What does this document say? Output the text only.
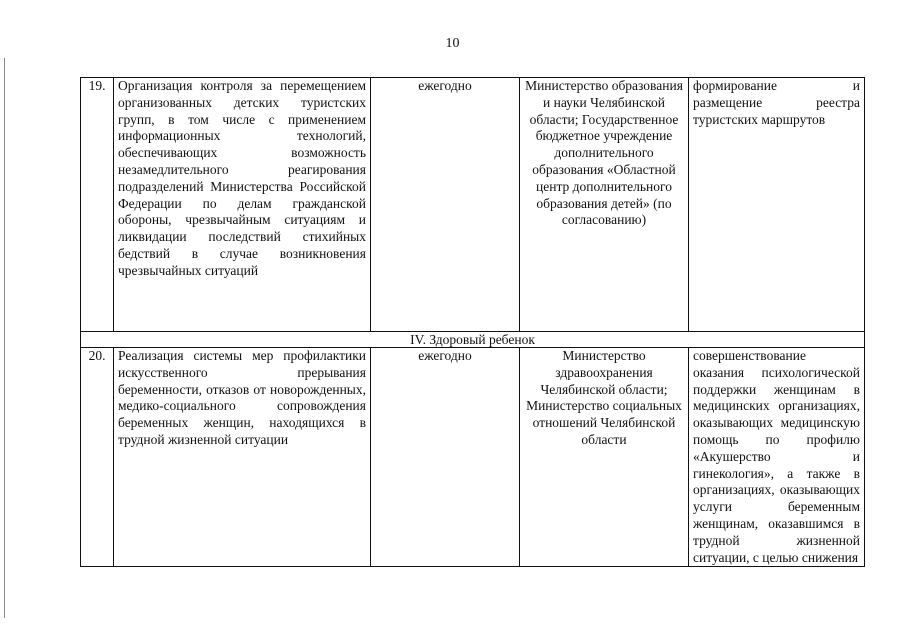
10
19.	Организация контроля за перемещением организованных детских туристских групп, в том числе с применением информационных технологий, обеспечивающих возможность незамедлительного реагирования подразделений Министерства Российской Федерации по делам гражданской обороны, чрезвычайным ситуациям и ликвидации последствий стихийных бедствий в случае возникновения чрезвычайных ситуаций	ежегодно	Министерство образования и науки Челябинской области; Государственное бюджетное учреждение дополнительного образования «Областной центр дополнительного образования детей» (по согласованию)	формирование и размещение реестра туристских маршрутов
IV. Здоровый ребенок				

20.	Реализация системы мер профилактики искусственного прерывания беременности, отказов от новорожденных, медико-социального сопровождения беременных женщин, находящихся в трудной жизненной ситуации	ежегодно	Министерство здравоохранения Челябинской области; Министерство социальных отношений Челябинской области	совершенствование оказания психологической поддержки женщинам в медицинских организациях, оказывающих медицинскую помощь по профилю «Акушерство и гинекология», а также в организациях, оказывающих услуги беременным женщинам, оказавшимся в трудной жизненной ситуации, с целью снижения
